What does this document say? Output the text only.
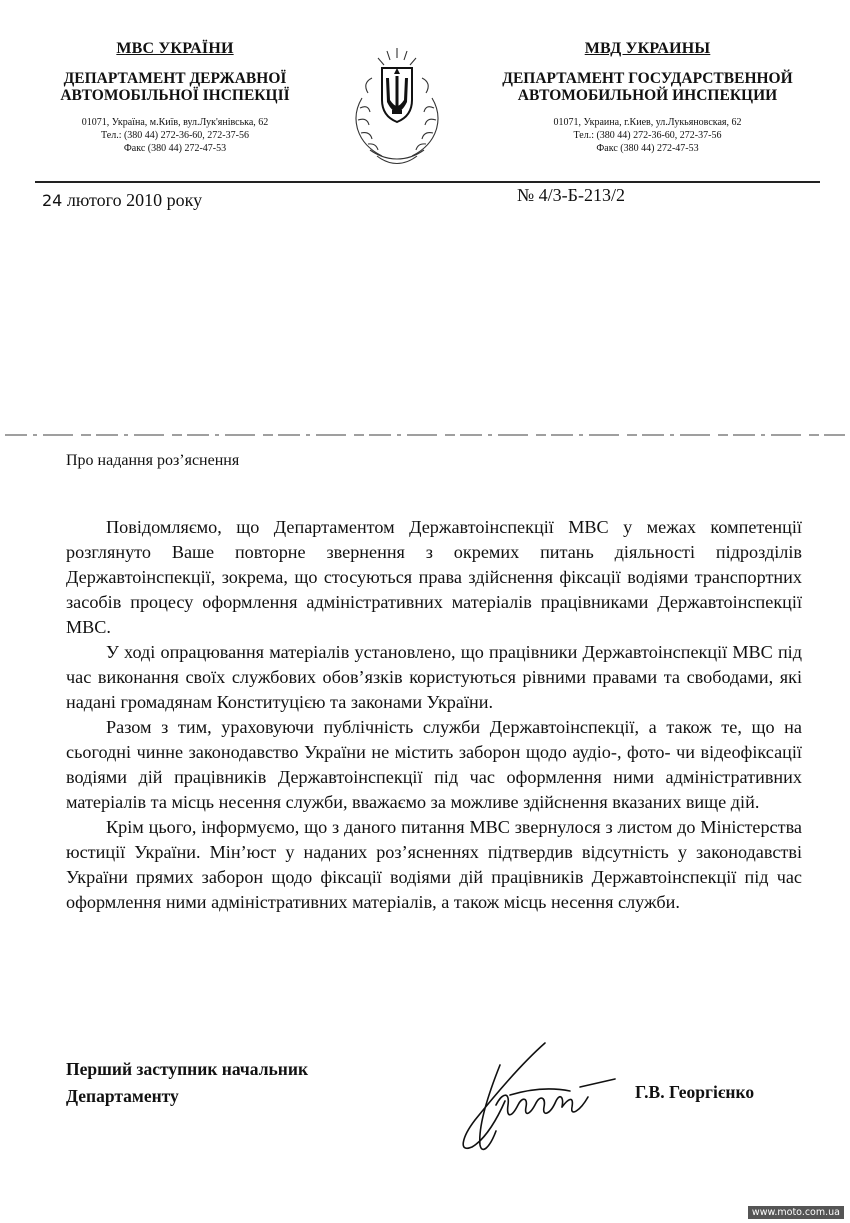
МВС УКРАЇНИ
ДЕПАРТАМЕНТ ДЕРЖАВНОЇ
АВТОМОБІЛЬНОЇ ІНСПЕКЦІЇ
01071, Україна, м.Київ, вул.Лук'янівська, 62
Тел.: (380 44) 272-36-60, 272-37-56
Факс (380 44) 272-47-53
МВД УКРАИНЫ
ДЕПАРТАМЕНТ ГОСУДАРСТВЕННОЙ
АВТОМОБИЛЬНОЙ ИНСПЕКЦИИ
01071, Украина, г.Киев, ул.Лукьяновская, 62
Тел.: (380 44) 272-36-60, 272-37-56
Факс (380 44) 272-47-53
24 лютого 2010 року	№ 4/3-Б-213/2
Про надання роз’яснення

Повідомляємо, що Департаментом Державтоінспекції МВС у межах компетенції розглянуто Ваше повторне звернення з окремих питань діяльності підрозділів Державтоінспекції, зокрема, що стосуються права здійснення фіксації водіями транспортних засобів процесу оформлення адміністративних матеріалів працівниками Державтоінспекції МВС.

У ході опрацювання матеріалів установлено, що працівники Державтоінспекції МВС під час виконання своїх службових обов’язків користуються рівними правами та свободами, які надані громадянам Конституцією та законами України.

Разом з тим, ураховуючи публічність служби Державтоінспекції, а також те, що на сьогодні чинне законодавство України не містить заборон щодо аудіо-, фото- чи відеофіксації водіями дій працівників Державтоінспекції під час оформлення ними адміністративних матеріалів та місць несення служби, вважаємо за можливе здійснення вказаних вище дій.

Крім цього, інформуємо, що з даного питання МВС звернулося з листом до Міністерства юстиції України. Мін’юст у наданих роз’ясненнях підтвердив відсутність у законодавстві України прямих заборон щодо фіксації водіями дій працівників Державтоінспекції під час оформлення ними адміністративних матеріалів, а також місць несення служби.

Перший заступник начальник
Департаменту	Г.В. Георгієнко
www.moto.com.ua
